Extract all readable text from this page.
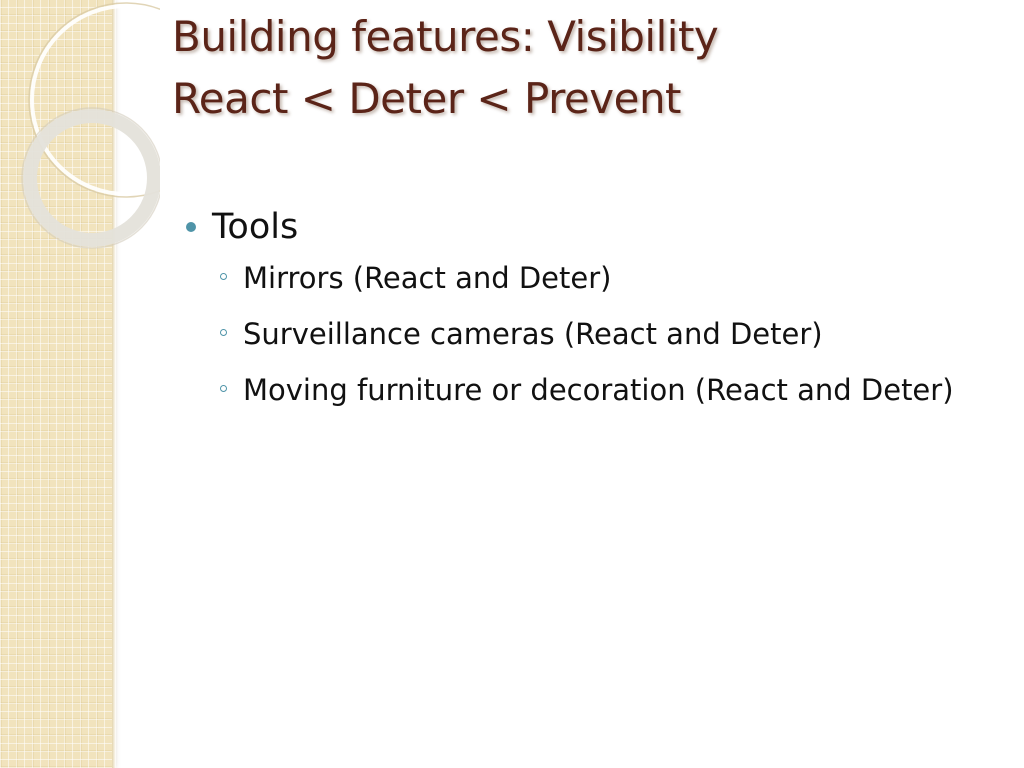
Building features: Visibility
React < Deter < Prevent
Tools
Mirrors (React and Deter)
Surveillance cameras (React and Deter)
Moving furniture or decoration (React and Deter)
